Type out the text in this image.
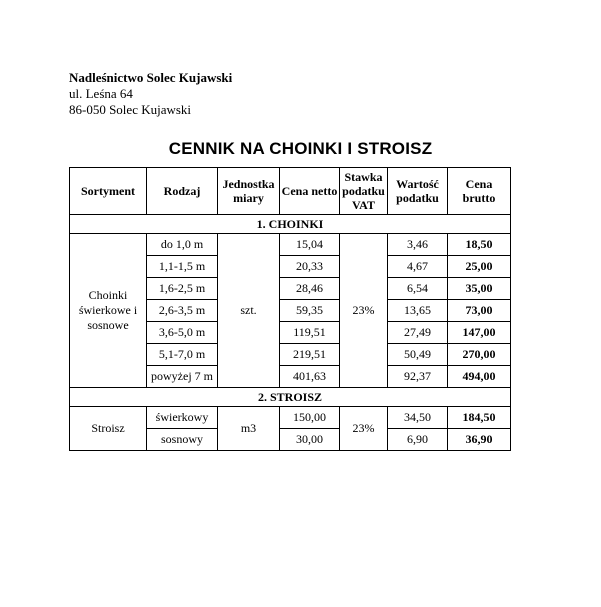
Nadleśnictwo Solec Kujawski
ul. Leśna 64
86-050 Solec Kujawski
CENNIK NA CHOINKI I STROISZ
Sortyment	Rodzaj	Jednostka miary	Cena netto	Stawka podatku VAT	Wartość podatku	Cena brutto
1. CHOINKI						
Choinki świerkowe i sosnowe	do 1,0 m	szt.	15,04	23%	3,46	18,50
	1,1-1,5 m		20,33		4,67	25,00
	1,6-2,5 m		28,46		6,54	35,00
	2,6-3,5 m		59,35		13,65	73,00
	3,6-5,0 m		119,51		27,49	147,00
	5,1-7,0 m		219,51		50,49	270,00
	powyżej 7 m		401,63		92,37	494,00
2. STROISZ						
Stroisz	świerkowy	m3	150,00	23%	34,50	184,50
	sosnowy		30,00		6,90	36,90
